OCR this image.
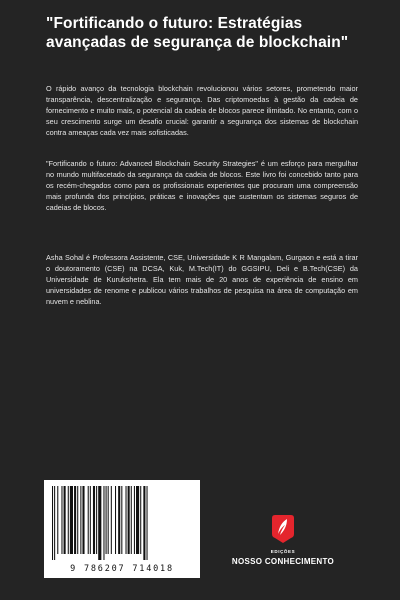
"Fortificando o futuro: Estratégias avançadas de segurança de blockchain"

O rápido avanço da tecnologia blockchain revolucionou vários setores, prometendo maior transparência, descentralização e segurança. Das criptomoedas à gestão da cadeia de fornecimento e muito mais, o potencial da cadeia de blocos parece ilimitado. No entanto, com o seu crescimento surge um desafio crucial: garantir a segurança dos sistemas de blockchain contra ameaças cada vez mais sofisticadas.

"Fortificando o futuro: Advanced Blockchain Security Strategies" é um esforço para mergulhar no mundo multifacetado da segurança da cadeia de blocos. Este livro foi concebido tanto para os recém-chegados como para os profissionais experientes que procuram uma compreensão mais profunda dos princípios, práticas e inovações que sustentam os sistemas seguros de cadeias de blocos.

Asha Sohal é Professora Assistente, CSE, Universidade K R Mangalam, Gurgaon e está a tirar o doutoramento (CSE) na DCSA, Kuk, M.Tech(IT) do GGSIPU, Deli e B.Tech(CSE) da Universidade de Kurukshetra. Ela tem mais de 20 anos de experiência de ensino em universidades de renome e publicou vários trabalhos de pesquisa na área de computação em nuvem e neblina.

9 786207 714018
EDIÇÕES
NOSSO CONHECIMENTO
